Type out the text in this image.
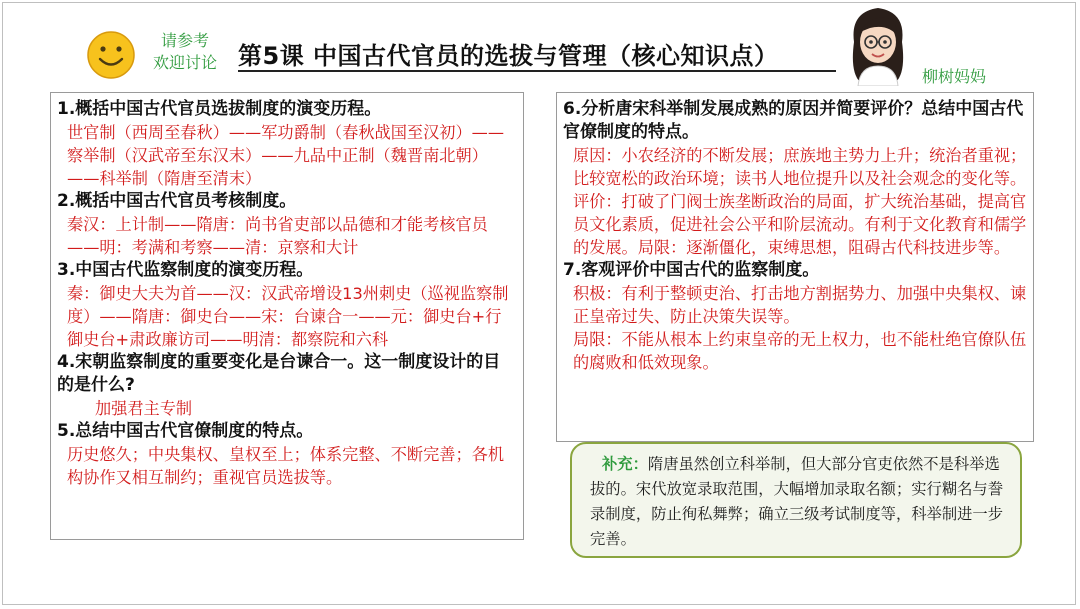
请参考
欢迎讨论 第5课 中国古代官员的选拔与管理（核心知识点）
柳树妈妈

1.概括中国古代官员选拔制度的演变历程。

世官制（西周至春秋）——军功爵制（春秋战国至汉初）——察举制（汉武帝至东汉末）——九品中正制（魏晋南北朝）——科举制（隋唐至清末）

2.概括中国古代官员考核制度。

秦汉：上计制——隋唐：尚书省吏部以品德和才能考核官员——明：考满和考察——清：京察和大计

3.中国古代监察制度的演变历程。

秦：御史大夫为首——汉：汉武帝增设13州刺史（巡视监察制度）——隋唐：御史台——宋：台谏合一——元：御史台+行御史台+肃政廉访司——明清：都察院和六科

4.宋朝监察制度的重要变化是台谏合一。这一制度设计的目的是什么?

加强君主专制

5.总结中国古代官僚制度的特点。

历史悠久；中央集权、皇权至上；体系完整、不断完善；各机构协作又相互制约；重视官员选拔等。

6.分析唐宋科举制发展成熟的原因并简要评价？总结中国古代官僚制度的特点。

原因：小农经济的不断发展；庶族地主势力上升；统治者重视；比较宽松的政治环境；读书人地位提升以及社会观念的变化等。

评价：打破了门阀士族垄断政治的局面，扩大统治基础，提高官员文化素质，促进社会公平和阶层流动。有利于文化教育和儒学的发展。局限：逐渐僵化，束缚思想，阻碍古代科技进步等。

7.客观评价中国古代的监察制度。

积极：有利于整顿吏治、打击地方割据势力、加强中央集权、谏正皇帝过失、防止决策失误等。

局限：不能从根本上约束皇帝的无上权力，也不能杜绝官僚队伍的腐败和低效现象。

补充：隋唐虽然创立科举制，但大部分官吏依然不是科举选拔的。宋代放宽录取范围，大幅增加录取名额；实行糊名与誊录制度，防止徇私舞弊；确立三级考试制度等，科举制进一步完善。
